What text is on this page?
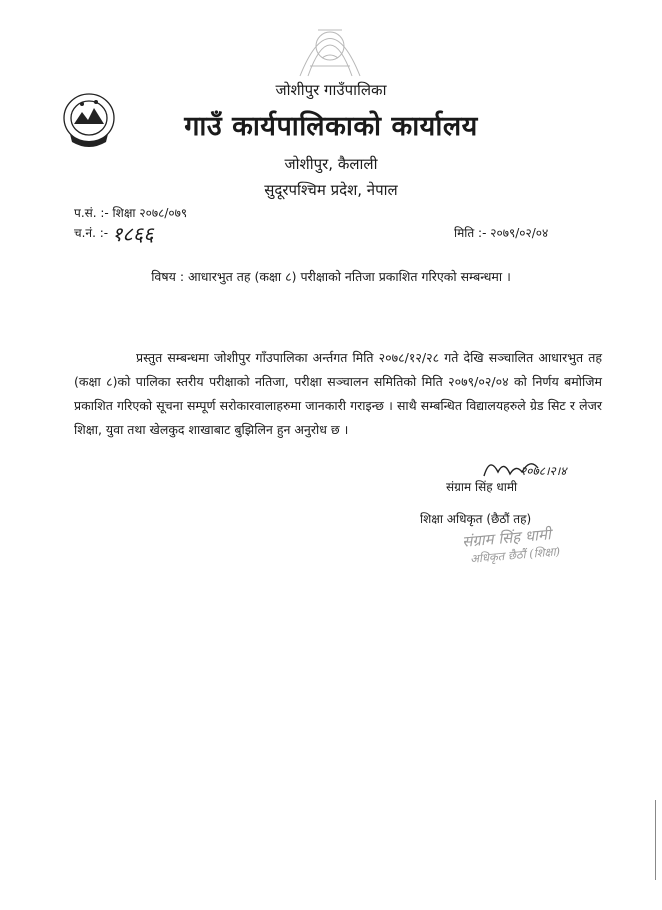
जोशीपुर गाउँपालिका
गाउँ कार्यपालिकाको कार्यालय
जोशीपुर, कैलाली
सुदूरपश्चिम प्रदेश, नेपाल
प.सं. :- शिक्षा २०७८/०७९
च.नं. :- १८६६	मिति :- २०७९/०२/०४
विषय : आधारभुत तह (कक्षा ८) परीक्षाको नतिजा प्रकाशित गरिएको सम्बन्धमा ।
प्रस्तुत सम्बन्धमा जोशीपुर गाँउपालिका अर्न्तगत मिति २०७८/१२/२८ गते देखि सञ्चालित आधारभुत तह (कक्षा ८)को पालिका स्तरीय परीक्षाको नतिजा, परीक्षा सञ्चालन समितिको मिति २०७९/०२/०४ को निर्णय बमोजिम प्रकाशित गरिएको सूचना सम्पूर्ण सरोकारवालाहरुमा जानकारी गराइन्छ । साथै सम्बन्धित विद्यालयहरुले ग्रेड सिट र लेजर शिक्षा, युवा तथा खेलकुद शाखाबाट बुझिलिन हुन अनुरोध छ ।
२०७८।२।४
संग्राम सिंह धामी
शिक्षा अधिकृत (छैठौं तह)
संग्राम सिंह धामी
अधिकृत छैठौं (शिक्षा)
